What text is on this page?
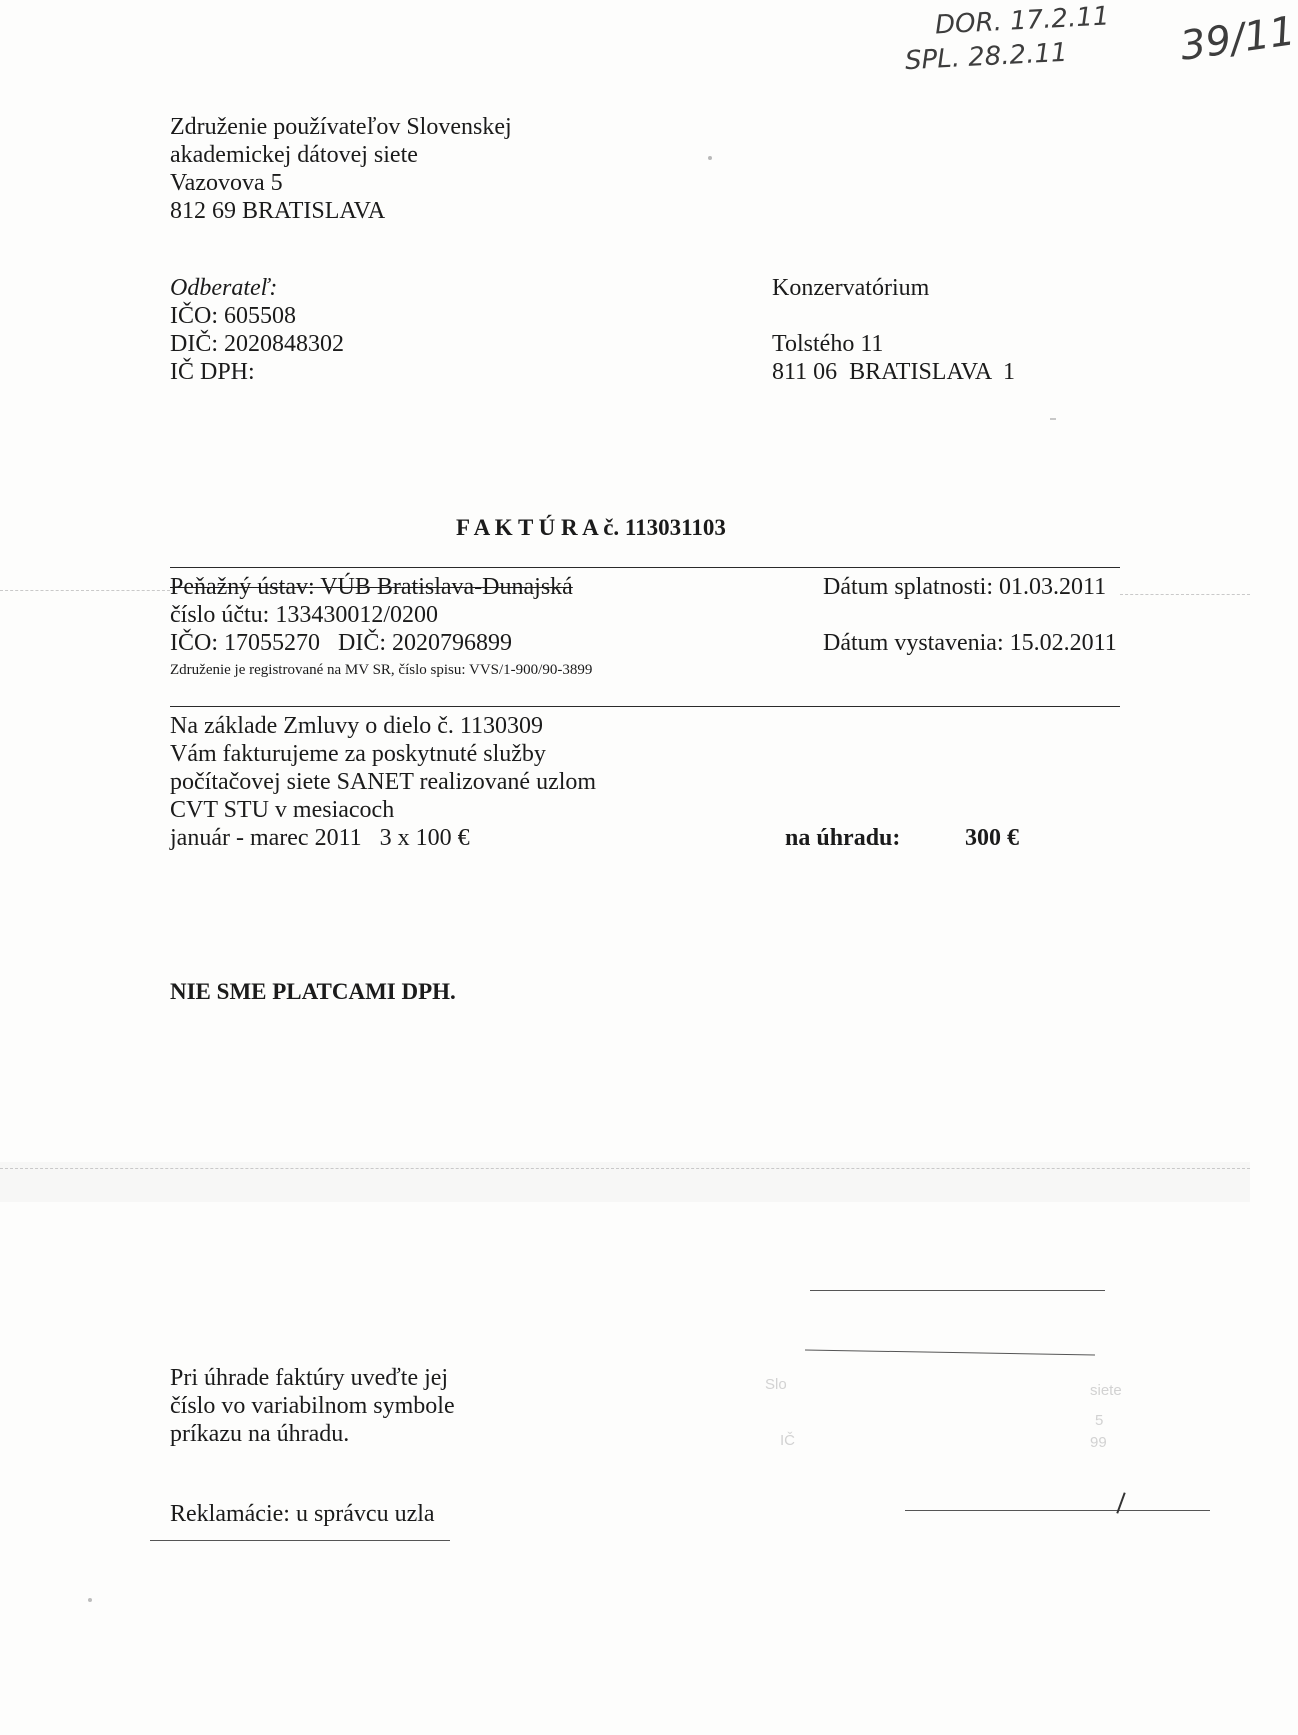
DOR. 17.2.11
SPL. 28.2.11	39/11
Združenie používateľov Slovenskej
akademickej dátovej siete
Vazovova 5
812 69 BRATISLAVA
Odberateľ:
IČO: 605508
DIČ: 2020848302
IČ DPH:
Konzervatórium
Tolstého 11
811 06  BRATISLAVA  1
F A K T Ú R A č. 113031103
Peňažný ústav: VÚB Bratislava-Dunajská
číslo účtu: 133430012/0200
IČO: 17055270   DIČ: 2020796899
Združenie je registrované na MV SR, číslo spisu: VVS/1-900/90-3899
Dátum splatnosti: 01.03.2011
Dátum vystavenia: 15.02.2011
Na základe Zmluvy o dielo č. 1130309
Vám fakturujeme za poskytnuté služby
počítačovej siete SANET realizované uzlom
CVT STU v mesiacoch
január - marec 2011   3 x 100 €	na úhradu:	300 €
NIE SME PLATCAMI DPH.
Pri úhrade faktúry uveďte jej
číslo vo variabilnom symbole
príkazu na úhradu.
Reklamácie: u správcu uzla
Slo	siete
5
IČ	99
